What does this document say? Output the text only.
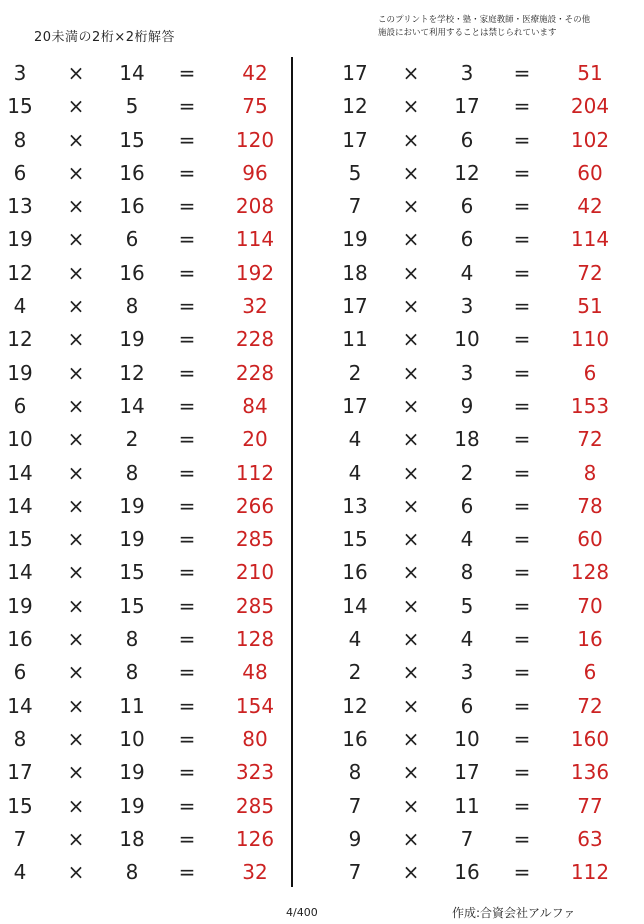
20未満の2桁×2桁解答
このプリントを学校・塾・家庭教師・医療施設・その他
施設において利用することは禁じられています
3	×	14	=	42
15	×	5	=	75
8	×	15	=	120
6	×	16	=	96
13	×	16	=	208
19	×	6	=	114
12	×	16	=	192
4	×	8	=	32
12	×	19	=	228
19	×	12	=	228
6	×	14	=	84
10	×	2	=	20
14	×	8	=	112
14	×	19	=	266
15	×	19	=	285
14	×	15	=	210
19	×	15	=	285
16	×	8	=	128
6	×	8	=	48
14	×	11	=	154
8	×	10	=	80
17	×	19	=	323
15	×	19	=	285
7	×	18	=	126
4	×	8	=	32
17	×	3	=	51
12	×	17	=	204
17	×	6	=	102
5	×	12	=	60
7	×	6	=	42
19	×	6	=	114
18	×	4	=	72
17	×	3	=	51
11	×	10	=	110
2	×	3	=	6
17	×	9	=	153
4	×	18	=	72
4	×	2	=	8
13	×	6	=	78
15	×	4	=	60
16	×	8	=	128
14	×	5	=	70
4	×	4	=	16
2	×	3	=	6
12	×	6	=	72
16	×	10	=	160
8	×	17	=	136
7	×	11	=	77
9	×	7	=	63
7	×	16	=	112
4/400	作成:合資会社アルファ
